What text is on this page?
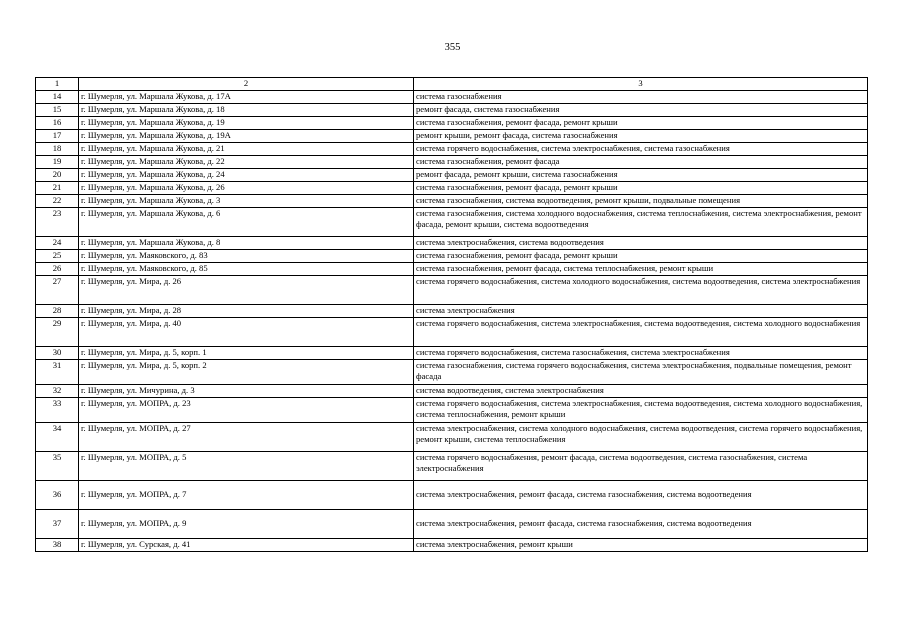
355
1	2	3
14	г. Шумерля, ул. Маршала Жукова, д. 17А	система газоснабжения
15	г. Шумерля, ул. Маршала Жукова, д. 18	ремонт фасада, система газоснабжения
16	г. Шумерля, ул. Маршала Жукова, д. 19	система газоснабжения, ремонт фасада, ремонт крыши
17	г. Шумерля, ул. Маршала Жукова, д. 19А	ремонт крыши, ремонт фасада, система газоснабжения
18	г. Шумерля, ул. Маршала Жукова, д. 21	система горячего водоснабжения, система электроснабжения, система газоснабжения
19	г. Шумерля, ул. Маршала Жукова, д. 22	система газоснабжения, ремонт фасада
20	г. Шумерля, ул. Маршала Жукова, д. 24	ремонт фасада, ремонт крыши, система газоснабжения
21	г. Шумерля, ул. Маршала Жукова, д. 26	система газоснабжения, ремонт фасада, ремонт крыши
22	г. Шумерля, ул. Маршала Жукова, д. 3	система газоснабжения, система водоотведения, ремонт крыши, подвальные помещения
23	г. Шумерля, ул. Маршала Жукова, д. 6	система газоснабжения, система холодного водоснабжения, система теплоснабжения, система электроснабжения, ремонт фасада, ремонт крыши, система водоотведения
24	г. Шумерля, ул. Маршала Жукова, д. 8	система электроснабжения, система водоотведения
25	г. Шумерля, ул. Маяковского, д. 83	система газоснабжения, ремонт фасада, ремонт крыши
26	г. Шумерля, ул. Маяковского, д. 85	система газоснабжения, ремонт фасада, система теплоснабжения, ремонт крыши
27	г. Шумерля, ул. Мира, д. 26	система горячего водоснабжения, система холодного водоснабжения, система водоотведения, система электроснабжения
28	г. Шумерля, ул. Мира, д. 28	система электроснабжения
29	г. Шумерля, ул. Мира, д. 40	система горячего водоснабжения, система электроснабжения, система водоотведения, система холодного водоснабжения
30	г. Шумерля, ул. Мира, д. 5, корп. 1	система горячего водоснабжения, система газоснабжения, система электроснабжения
31	г. Шумерля, ул. Мира, д. 5, корп. 2	система газоснабжения, система горячего водоснабжения, система электроснабжения, подвальные помещения, ремонт фасада
32	г. Шумерля, ул. Мичурина, д. 3	система водоотведения, система электроснабжения
33	г. Шумерля, ул. МОПРА, д. 23	система горячего водоснабжения, система электроснабжения, система водоотведения, система холодного водоснабжения, система теплоснабжения, ремонт крыши
34	г. Шумерля, ул. МОПРА, д. 27	система электроснабжения, система холодного водоснабжения, система водоотведения, система горячего водоснабжения, ремонт крыши, система теплоснабжения
35	г. Шумерля, ул. МОПРА, д. 5	система горячего водоснабжения, ремонт фасада, система водоотведения, система газоснабжения, система электроснабжения
36	г. Шумерля, ул. МОПРА, д. 7	система электроснабжения, ремонт фасада, система газоснабжения, система водоотведения
37	г. Шумерля, ул. МОПРА, д. 9	система электроснабжения, ремонт фасада, система газоснабжения, система водоотведения
38	г. Шумерля, ул. Сурская, д. 41	система электроснабжения, ремонт крыши
